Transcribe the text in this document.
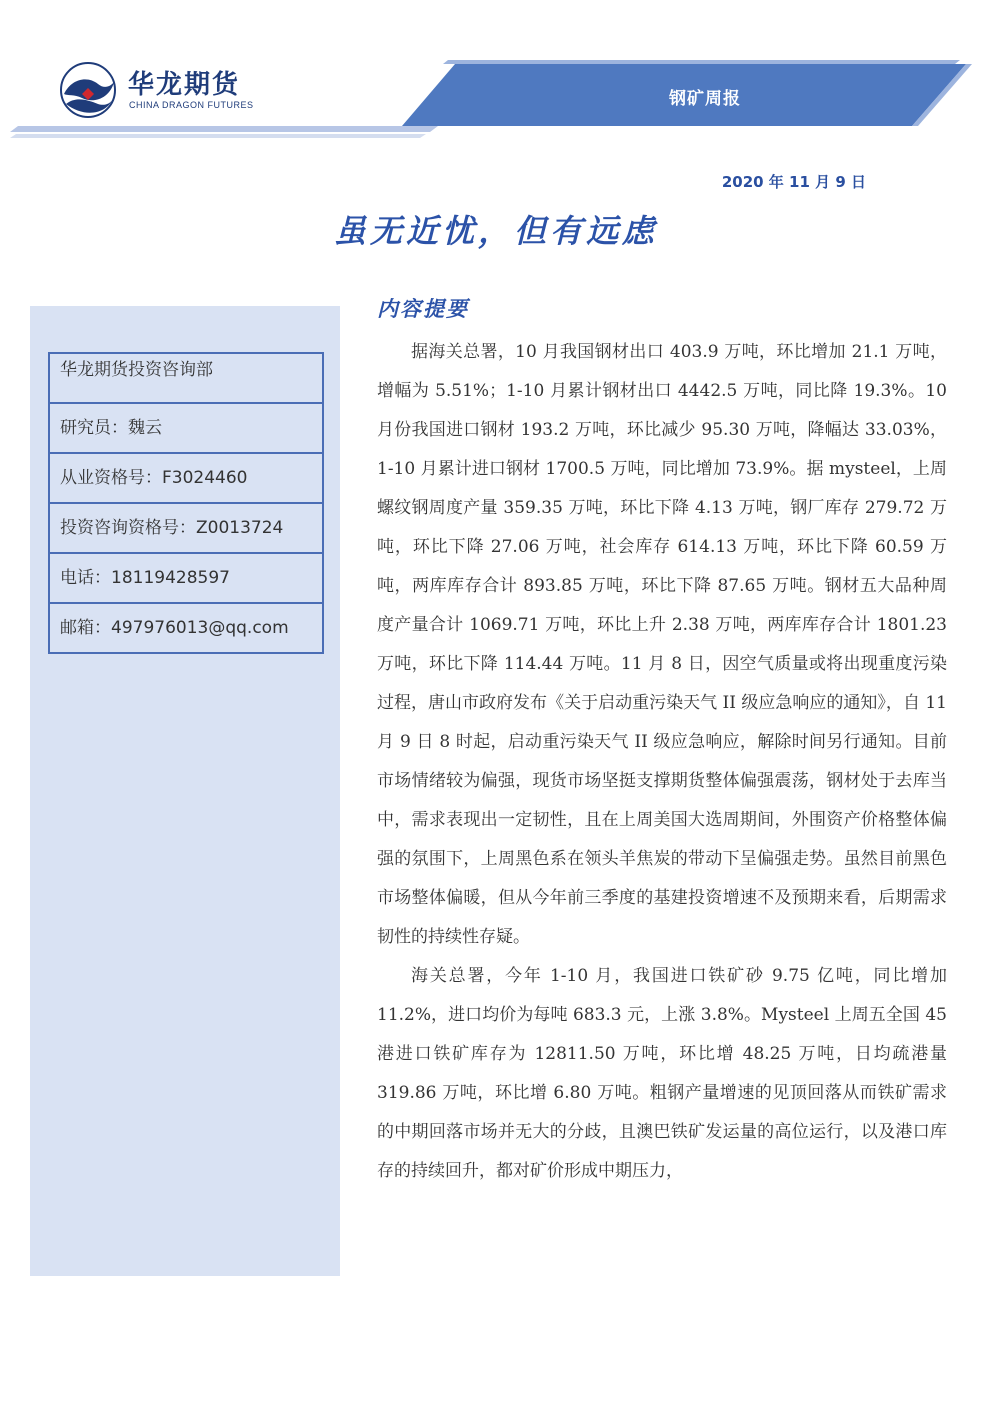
华龙期货
CHINA DRAGON FUTURES	钢矿周报
2020 年 11 月 9 日
虽无近忧，但有远虑
华龙期货投资咨询部
研究员：魏云
从业资格号：F3024460
投资咨询资格号：Z0013724
电话：18119428597
邮箱：497976013@qq.com
内容提要

据海关总署，10 月我国钢材出口 403.9 万吨，环比增加 21.1 万吨，增幅为 5.51%；1-10 月累计钢材出口 4442.5 万吨，同比降 19.3%。10 月份我国进口钢材 193.2 万吨，环比减少 95.30 万吨，降幅达 33.03%，1-10 月累计进口钢材 1700.5 万吨，同比增加 73.9%。据 mysteel，上周螺纹钢周度产量 359.35 万吨，环比下降 4.13 万吨，钢厂库存 279.72 万吨，环比下降 27.06 万吨，社会库存 614.13 万吨，环比下降 60.59 万吨，两库库存合计 893.85 万吨，环比下降 87.65 万吨。钢材五大品种周度产量合计 1069.71 万吨，环比上升 2.38 万吨，两库库存合计 1801.23 万吨，环比下降 114.44 万吨。11 月 8 日，因空气质量或将出现重度污染过程，唐山市政府发布《关于启动重污染天气 II 级应急响应的通知》，自 11 月 9 日 8 时起，启动重污染天气 II 级应急响应，解除时间另行通知。目前市场情绪较为偏强，现货市场坚挺支撑期货整体偏强震荡，钢材处于去库当中，需求表现出一定韧性，且在上周美国大选周期间，外围资产价格整体偏强的氛围下，上周黑色系在领头羊焦炭的带动下呈偏强走势。虽然目前黑色市场整体偏暖，但从今年前三季度的基建投资增速不及预期来看，后期需求韧性的持续性存疑。

海关总署，今年 1-10 月，我国进口铁矿砂 9.75 亿吨，同比增加 11.2%，进口均价为每吨 683.3 元，上涨 3.8%。Mysteel 上周五全国 45 港进口铁矿库存为 12811.50 万吨，环比增 48.25 万吨，日均疏港量 319.86 万吨，环比增 6.80 万吨。粗钢产量增速的见顶回落从而铁矿需求的中期回落市场并无大的分歧，且澳巴铁矿发运量的高位运行，以及港口库存的持续回升，都对矿价形成中期压力，
